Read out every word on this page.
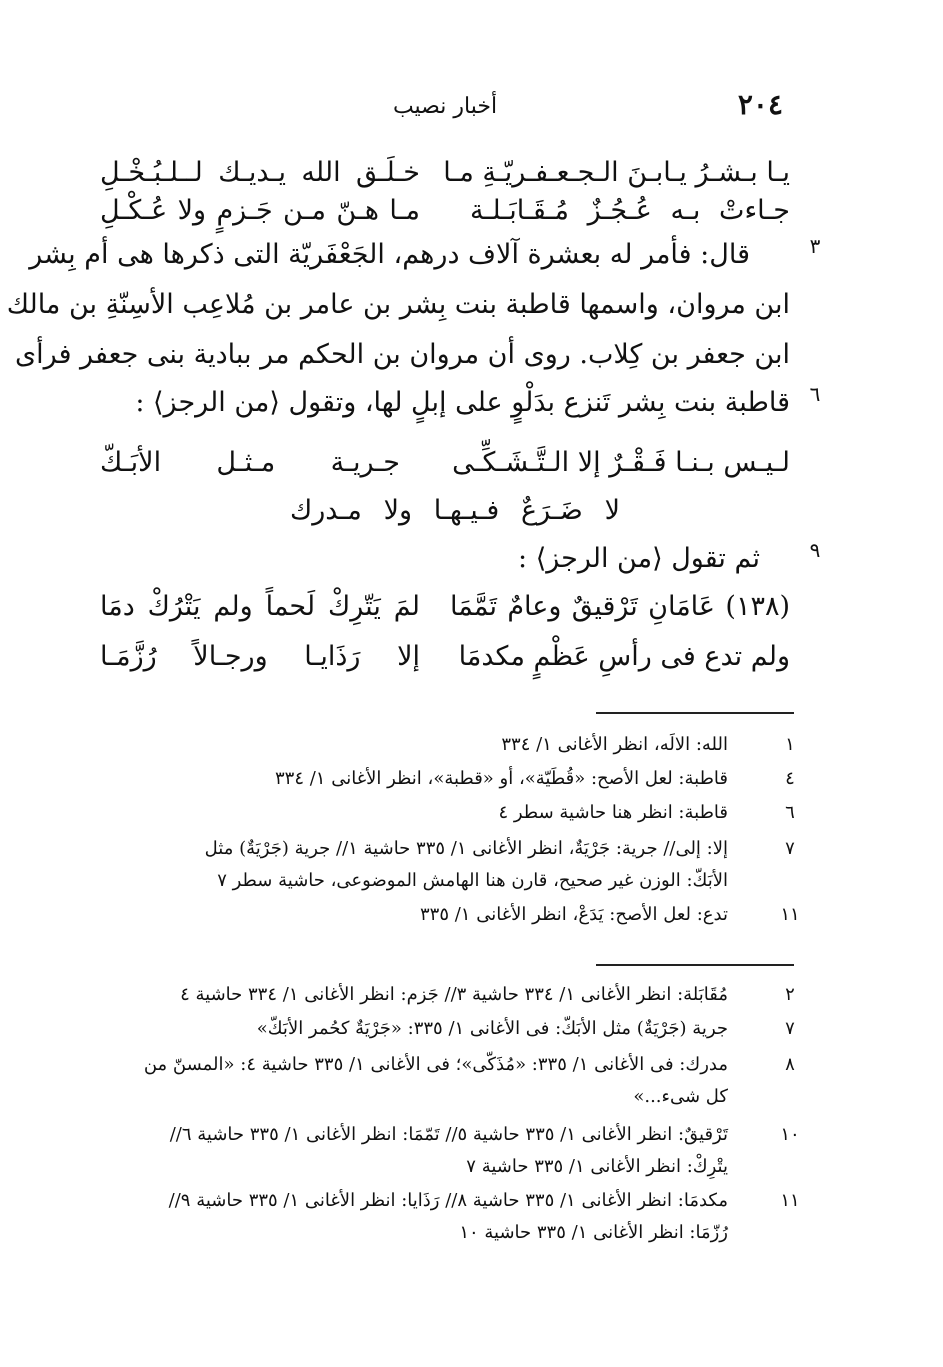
٢٠٤
أخبار نصيب
يـا بـشـرُ يـابـنَ الـجـعـفـريّـةِ مـا
خـلَـق الله يـديـك لــلـبُـخْـلِ
جـاءتْ بـه عُـجُـزٌ مُـقَـابَـلـة
مـا هـنّ مـن جَـزمٍ ولا عُـكْـلِ
٣
قال: فأمر له بعشرة آلاف درهم، الجَعْفَريّة التى ذكرها هى أم بِشر
ابن مروان، واسمها قاطبة بنت بِشر بن عامر بن مُلاعِب الأسِنّةِ بن مالك
ابن جعفر بن كِلاب. روى أن مروان بن الحكم مر ببادية بنى جعفر فرأى
٦
قاطبة بنت بِشر تَنزع بدَلْوٍ على إبلٍ لها، وتقول ⟨من الرجز⟩ :
لـيـس بـنـا فَـقْـرٌ إلا الـتَّـشَـكِّـى
جـريـة مـثـل الأبَـكّ
لا ضَـرَعٌ فـيـهـا ولا مـدرك
٩
ثم تقول ⟨من الرجز⟩ :
(١٣٨) عَامَانِ تَرْقيقٌ وعامٌ تَمَّمَا
لمَ يَتّرِكْ لَحماً ولم يَتْرُكْ دمَا
ولم تدع فى رأسِ عَظْمٍ مكدمَا
إلا رَذَايـا ورجـالاً رُزَّمَـا
١
الله: الالَه، انظر الأغانى ١/ ٣٣٤
٤
قاطبة: لعل الأصح: «قُطَيّة»، أو «قطبة»، انظر الأغانى ١/ ٣٣٤
٦
قاطبة: انظر هنا حاشية سطر ٤
٧
إلا: إلى// جرية: جَرْيَةٌ، انظر الأغانى ١/ ٣٣٥ حاشية ١// جرية (جَرْيَةٌ) مثل
الأبَكّ: الوزن غير صحيح، قارن هنا الهامش الموضوعى، حاشية سطر ٧
١١
تدع: لعل الأصح: يَدَعْ، انظر الأغانى ١/ ٣٣٥
٢
مُقَابَلة: انظر الأغانى ١/ ٣٣٤ حاشية ٣// جَزم: انظر الأغانى ١/ ٣٣٤ حاشية ٤
٧
جرية (جَرْيَةٌ) مثل الأبَكّ: فى الأغانى ١/ ٣٣٥: «جَرْيَةٌ كحُمر الأبَكّ»
٨
مدرك: فى الأغانى ١/ ٣٣٥: «مُذَكّى»؛ فى الأغانى ١/ ٣٣٥ حاشية ٤: «المسنّ من
كل شىء...»
١٠
تَرْقيقٌ: انظر الأغانى ١/ ٣٣٥ حاشية ٥// تَمّمَا: انظر الأغانى ١/ ٣٣٥ حاشية ٦//
يتْرِكْ: انظر الأغانى ١/ ٣٣٥ حاشية ٧
١١
مكدمَا: انظر الأغانى ١/ ٣٣٥ حاشية ٨// رَذَايا: انظر الأغانى ١/ ٣٣٥ حاشية ٩//
رُزّمَا: انظر الأغانى ١/ ٣٣٥ حاشية ١٠
